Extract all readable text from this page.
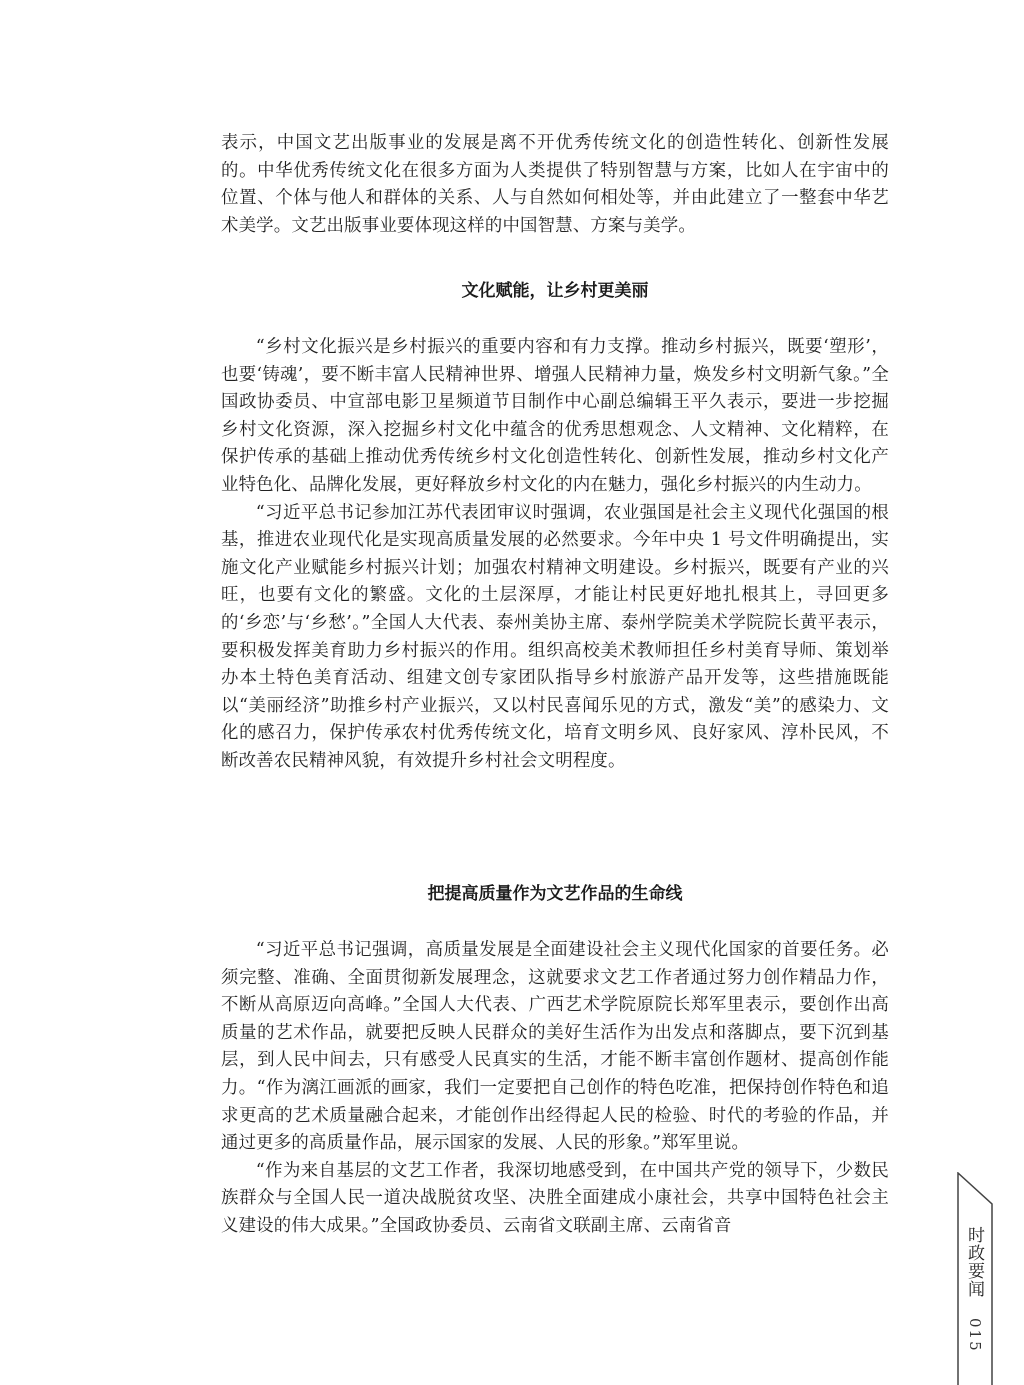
表示，中国文艺出版事业的发展是离不开优秀传统文化的创造性转化、创新性发展的。中华优秀传统文化在很多方面为人类提供了特别智慧与方案，比如人在宇宙中的位置、个体与他人和群体的关系、人与自然如何相处等，并由此建立了一整套中华艺术美学。文艺出版事业要体现这样的中国智慧、方案与美学。

文化赋能，让乡村更美丽

“乡村文化振兴是乡村振兴的重要内容和有力支撑。推动乡村振兴，既要‘塑形’，也要‘铸魂’，要不断丰富人民精神世界、增强人民精神力量，焕发乡村文明新气象。”全国政协委员、中宣部电影卫星频道节目制作中心副总编辑王平久表示，要进一步挖掘乡村文化资源，深入挖掘乡村文化中蕴含的优秀思想观念、人文精神、文化精粹，在保护传承的基础上推动优秀传统乡村文化创造性转化、创新性发展，推动乡村文化产业特色化、品牌化发展，更好释放乡村文化的内在魅力，强化乡村振兴的内生动力。

“习近平总书记参加江苏代表团审议时强调，农业强国是社会主义现代化强国的根基，推进农业现代化是实现高质量发展的必然要求。今年中央 1 号文件明确提出，实施文化产业赋能乡村振兴计划；加强农村精神文明建设。乡村振兴，既要有产业的兴旺，也要有文化的繁盛。文化的土层深厚，才能让村民更好地扎根其上，寻回更多的‘乡恋’与‘乡愁’。”全国人大代表、泰州美协主席、泰州学院美术学院院长黄平表示，要积极发挥美育助力乡村振兴的作用。组织高校美术教师担任乡村美育导师、策划举办本土特色美育活动、组建文创专家团队指导乡村旅游产品开发等，这些措施既能以“美丽经济”助推乡村产业振兴，又以村民喜闻乐见的方式，激发“美”的感染力、文化的感召力，保护传承农村优秀传统文化，培育文明乡风、良好家风、淳朴民风，不断改善农民精神风貌，有效提升乡村社会文明程度。

把提高质量作为文艺作品的生命线

“习近平总书记强调，高质量发展是全面建设社会主义现代化国家的首要任务。必须完整、准确、全面贯彻新发展理念，这就要求文艺工作者通过努力创作精品力作，不断从高原迈向高峰。”全国人大代表、广西艺术学院原院长郑军里表示，要创作出高质量的艺术作品，就要把反映人民群众的美好生活作为出发点和落脚点，要下沉到基层，到人民中间去，只有感受人民真实的生活，才能不断丰富创作题材、提高创作能力。“作为漓江画派的画家，我们一定要把自己创作的特色吃准，把保持创作特色和追求更高的艺术质量融合起来，才能创作出经得起人民的检验、时代的考验的作品，并通过更多的高质量作品，展示国家的发展、人民的形象。”郑军里说。

“作为来自基层的文艺工作者，我深切地感受到，在中国共产党的领导下，少数民族群众与全国人民一道决战脱贫攻坚、决胜全面建成小康社会，共享中国特色社会主义建设的伟大成果。”全国政协委员、云南省文联副主席、云南省音

时政要闻
015
